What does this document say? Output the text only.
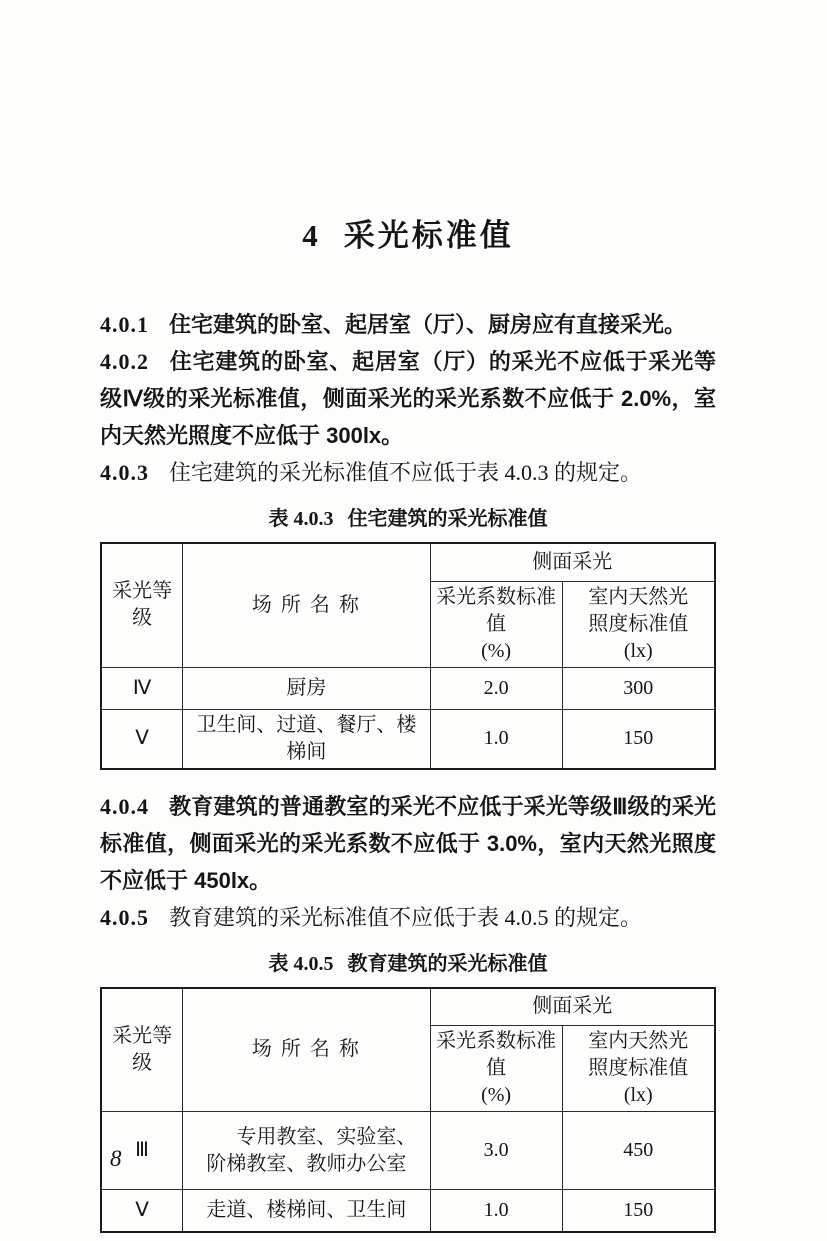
4 采光标准值

4.0.1 住宅建筑的卧室、起居室（厅）、厨房应有直接采光。

4.0.2 住宅建筑的卧室、起居室（厅）的采光不应低于采光等级Ⅳ级的采光标准值，侧面采光的采光系数不应低于 2.0%，室内天然光照度不应低于 300lx。

4.0.3 住宅建筑的采光标准值不应低于表 4.0.3 的规定。

表 4.0.3 住宅建筑的采光标准值
采光等级	场 所 名 称	侧面采光	

采光系数标准值
(%)

室内天然光
照度标准值
(lx)

Ⅳ	厨房	2.0	300
Ⅴ	卫生间、过道、餐厅、楼梯间	1.0	150

4.0.4 教育建筑的普通教室的采光不应低于采光等级Ⅲ级的采光标准值，侧面采光的采光系数不应低于 3.0%，室内天然光照度不应低于 450lx。

4.0.5 教育建筑的采光标准值不应低于表 4.0.5 的规定。

表 4.0.5 教育建筑的采光标准值
采光等级	场 所 名 称	侧面采光	

采光系数标准值
(%)

室内天然光
照度标准值
(lx)

Ⅲ	专用教室、实验室、阶梯教室、教师办公室	3.0	450
Ⅴ	走道、楼梯间、卫生间	1.0	150
8
